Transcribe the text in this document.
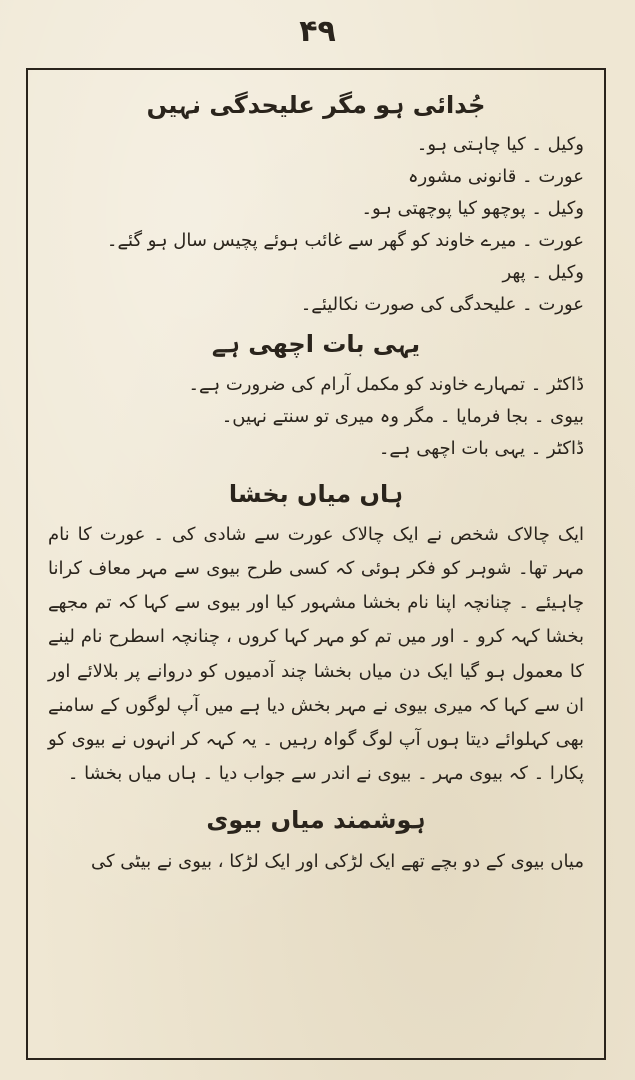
۴۹
جُدائی ہو مگر علیحدگی نہیں

وکیل ۔ کیا چاہتی ہو۔

عورت ۔ قانونی مشورہ

وکیل ۔ پوچھو کیا پوچھتی ہو۔

عورت ۔ میرے خاوند کو گھر سے غائب ہوئے پچیس سال ہو گئے۔

وکیل ۔ پھر

عورت ۔ علیحدگی کی صورت نکالیئے۔

یہی بات اچھی ہے

ڈاکٹر ۔ تمہارے خاوند کو مکمل آرام کی ضرورت ہے۔

بیوی ۔ بجا فرمایا ۔ مگر وہ میری تو سنتے نہیں۔

ڈاکٹر ۔ یہی بات اچھی ہے۔

ہاں میاں بخشا

ایک چالاک شخص نے ایک چالاک عورت سے شادی کی ۔ عورت کا نام مہر تھا۔ شوہر کو فکر ہوئی کہ کسی طرح بیوی سے مہر معاف کرانا چاہیئے ۔ چنانچہ اپنا نام بخشا مشہور کیا اور بیوی سے کہا کہ تم مجھے بخشا کہہ کرو ۔ اور میں تم کو مہر کہا کروں ، چنانچہ اسطرح نام لینے کا معمول ہو گیا ایک دن میاں بخشا چند آدمیوں کو دروانے پر بلالائے اور ان سے کہا کہ میری بیوی نے مہر بخش دیا ہے میں آپ لوگوں کے سامنے بھی کہلوائے دیتا ہوں آپ لوگ گواہ رہیں ۔ یہ کہہ کر انہوں نے بیوی کو پکارا ۔ کہ بیوی مہر ۔ بیوی نے اندر سے جواب دیا ۔ ہاں میاں بخشا ۔

ہوشمند میاں بیوی

میاں بیوی کے دو بچے تھے ایک لڑکی اور ایک لڑکا ، بیوی نے بیٹی کی
